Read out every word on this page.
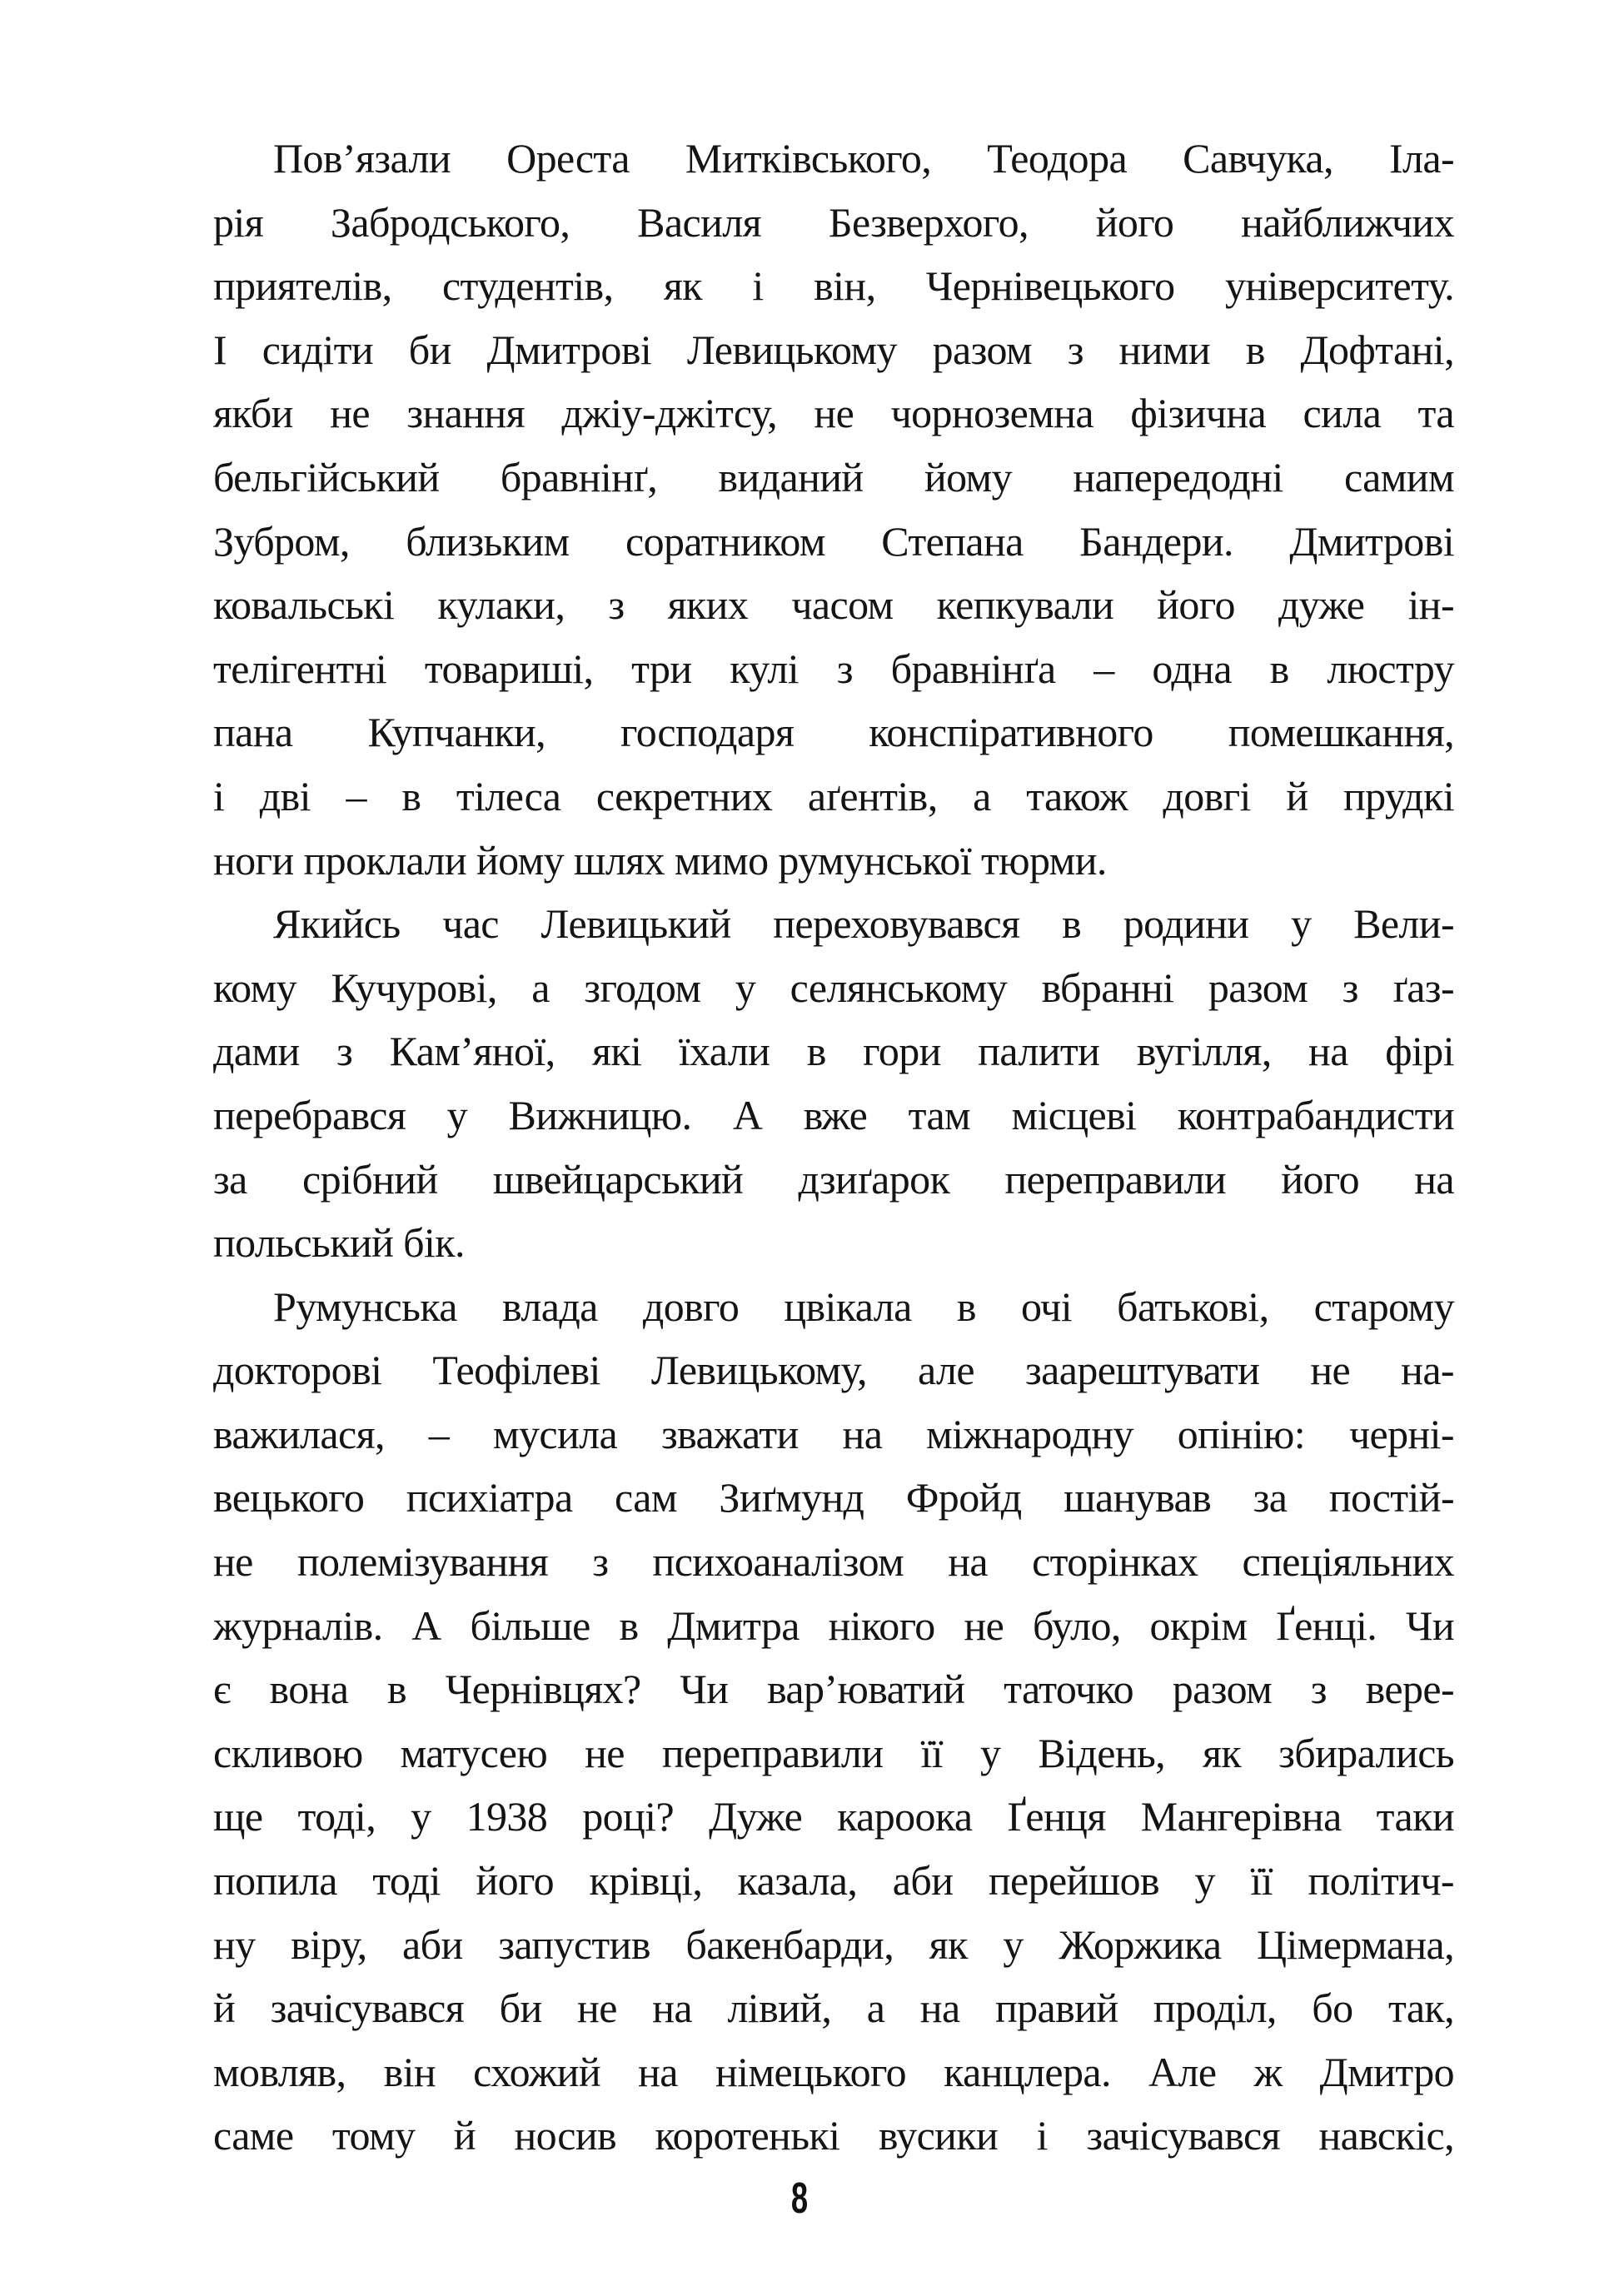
Пов’язали Ореста Митківського, Теодора Савчука, Іла-
рія Забродського, Василя Безверхого, його найближчих
приятелів, студентів, як і він, Чернівецького університету.
І сидіти би Дмитрові Левицькому разом з ними в Дофтані,
якби не знання джіу-джітсу, не чорноземна фізична сила та
бельгійський бравнінґ, виданий йому напередодні самим
Зубром, близьким соратником Степана Бандери. Дмитрові
ковальські кулаки, з яких часом кепкували його дуже ін-
телігентні товариші, три кулі з бравнінґа – одна в люстру
пана Купчанки, господаря конспіративного помешкання,
і дві – в тілеса секретних аґентів, а також довгі й прудкі
ноги проклали йому шлях мимо румунської тюрми.
Якийсь час Левицький переховувався в родини у Вели-
кому Кучурові, а згодом у селянському вбранні разом з ґаз-
дами з Кам’яної, які їхали в гори палити вугілля, на фірі
перебрався у Вижницю. А вже там місцеві контрабандисти
за срібний швейцарський дзиґарок переправили його на
польський бік.
Румунська влада довго цвікала в очі батькові, старому
докторові Теофілеві Левицькому, але заарештувати не на-
важилася, – мусила зважати на міжнародну опінію: черні-
вецького психіатра сам Зиґмунд Фройд шанував за постій-
не полемізування з психоаналізом на сторінках спеціяльних
журналів. А більше в Дмитра нікого не було, окрім Ґенці. Чи
є вона в Чернівцях? Чи вар’юватий таточко разом з вере-
скливою матусею не переправили її у Відень, як збирались
ще тоді, у 1938 році? Дуже кароока Ґенця Мангерівна таки
попила тоді його крівці, казала, аби перейшов у її політич-
ну віру, аби запустив бакенбарди, як у Жоржика Цімермана,
й зачісувався би не на лівий, а на правий проділ, бо так,
мовляв, він схожий на німецького канцлера. Але ж Дмитро
саме тому й носив коротенькі вусики і зачісувався навскіс,
8
